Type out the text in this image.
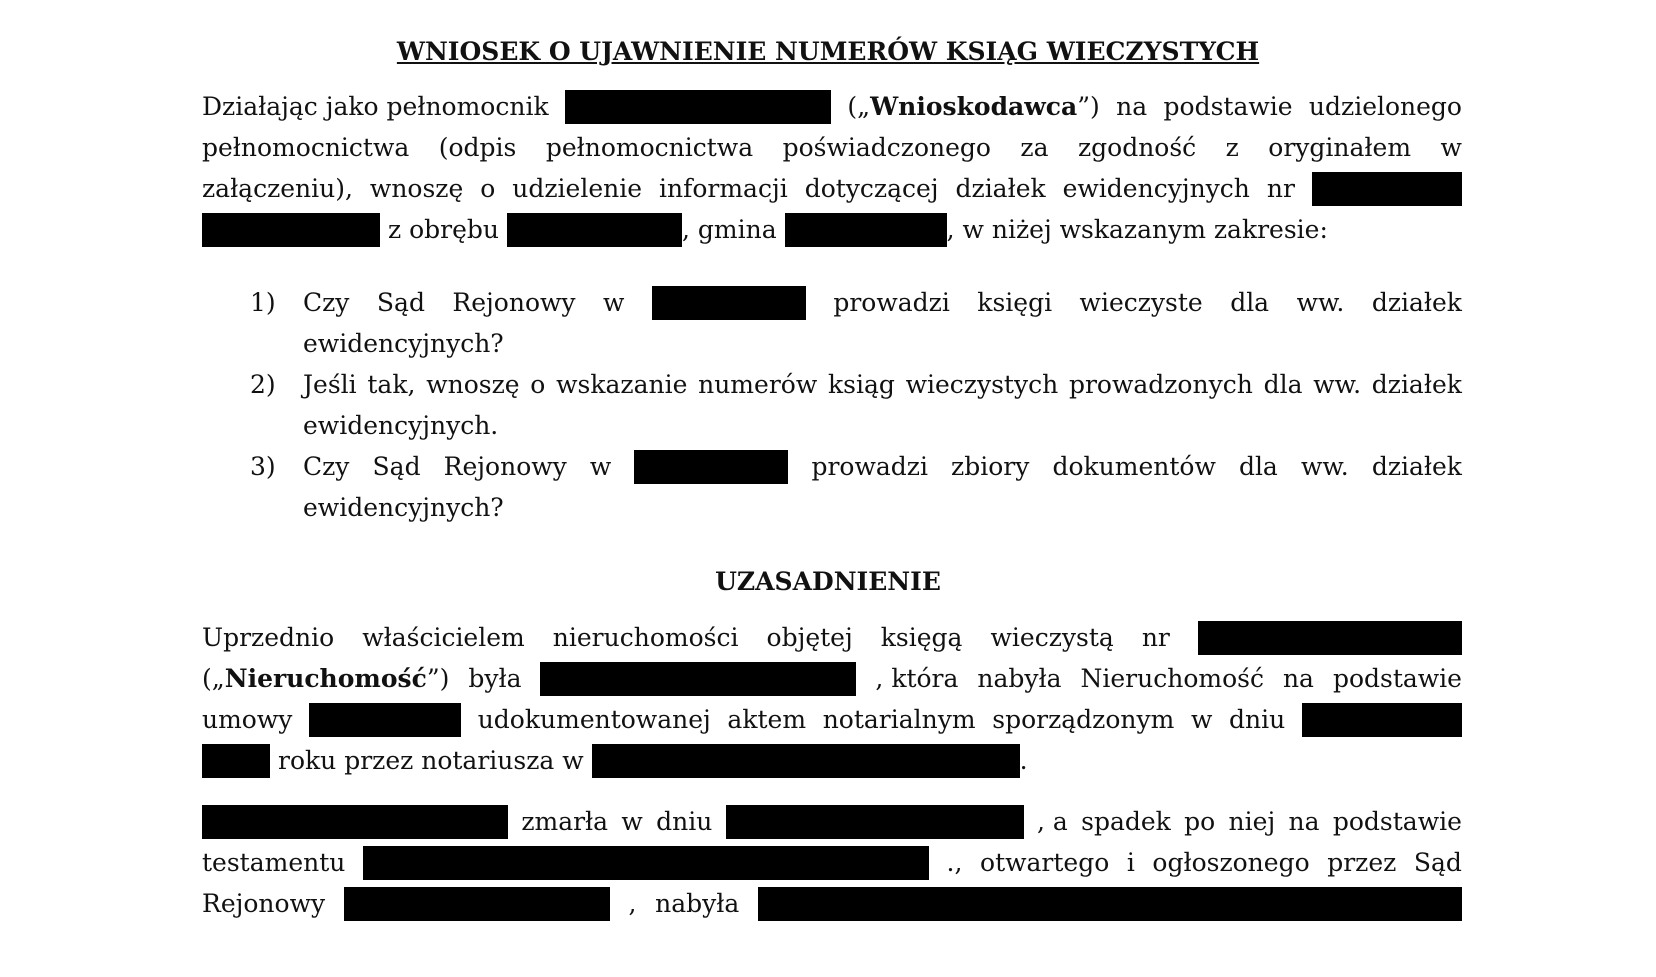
WNIOSEK O UJAWNIENIE NUMERÓW KSIĄG WIECZYSTYCH
Działając jako pełnomocnik	(„Wnioskodawca”) na podstawie udzielonego
pełnomocnictwa (odpis pełnomocnictwa poświadczonego za zgodność z oryginałem w
załączeniu), wnoszę o udzielenie informacji dotyczącej działek ewidencyjnych nr
z obrębu	, gmina	, w niżej wskazanym zakresie:
1) Czy Sąd Rejonowy w	prowadzi księgi wieczyste dla ww. działek
ewidencyjnych?
2) Jeśli tak, wnoszę o wskazanie numerów ksiąg wieczystych prowadzonych dla ww. działek
ewidencyjnych.
3) Czy Sąd Rejonowy w	prowadzi zbiory dokumentów dla ww. działek
ewidencyjnych?
UZASADNIENIE
Uprzednio właścicielem nieruchomości objętej księgą wieczystą nr
(„Nieruchomość”) była	, która nabyła Nieruchomość na podstawie
umowy	udokumentowanej aktem notarialnym sporządzonym w dniu
roku przez notariusza w	.
zmarła w dniu	, a spadek po niej na podstawie
testamentu	., otwartego i ogłoszonego przez Sąd
Rejonowy	, nabyła
